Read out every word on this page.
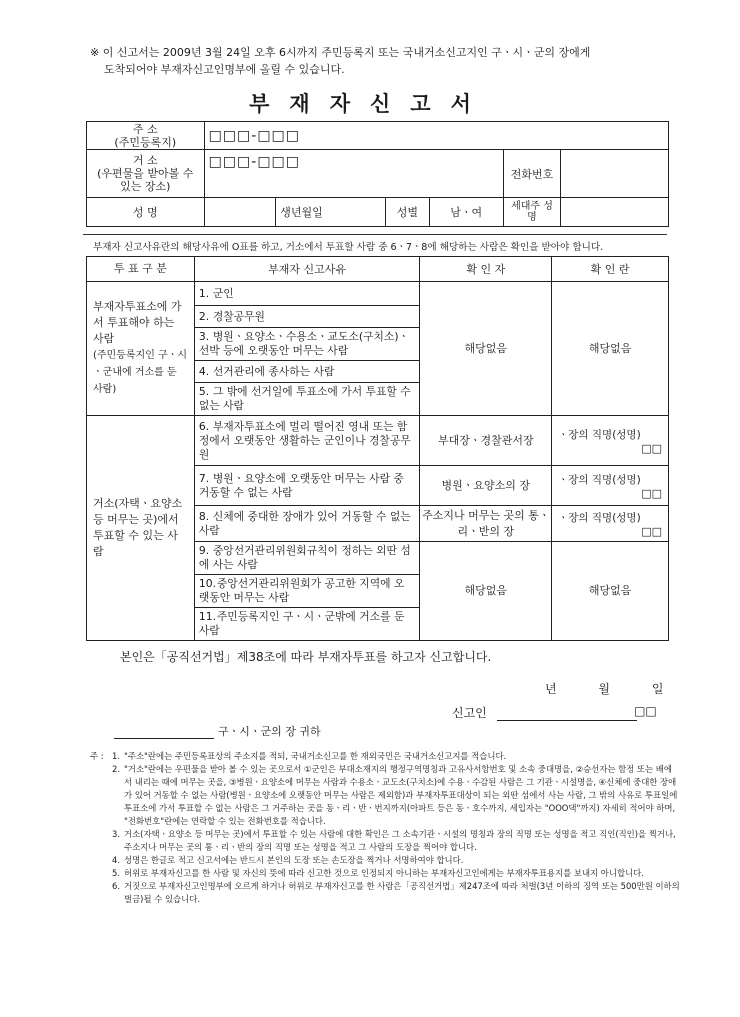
※ 이 신고서는 2009년 3월 24일 오후 6시까지 주민등록지 또는 국내거소신고지인 구ㆍ시ㆍ군의 장에게
도착되어야 부재자신고인명부에 올릴 수 있습니다.
부재자신고서
주 소
(주민등록지)	□□□-□□□				

거 소
(우편물을 받아볼 수 있는 장소)	□□□-□□□			전화번호	
성 명		생년월일	성별 남ㆍ여	세대주 성명	
부재자 신고사유란의 해당사유에 O표를 하고, 거소에서 투표할 사람 중 6ㆍ7ㆍ8에 해당하는 사람은 확인을 받아야 합니다.
투 표 구 분	부재자 신고사유	확 인 자	확 인 란

부재자투표소에 가서 투표해야 하는 사람
(주민등록지인 구ㆍ시ㆍ군내에 거소를 둔 사람)	1. 군인	해당없음	해당없음
	2. 경찰공무원		
	3. 병원ㆍ요양소ㆍ수용소ㆍ교도소(구치소)ㆍ선박 등에 오랫동안 머무는 사람		
	4. 선거관리에 종사하는 사람		
	5. 그 밖에 선거일에 투표소에 가서 투표할 수 없는 사람		
거소(자택ㆍ요양소 등 머무는 곳)에서 투표할 수 있는 사람	6. 부재자투표소에 멀리 떨어진 영내 또는 함정에서 오랫동안 생활하는 군인이나 경찰공무원	부대장ㆍ경찰관서장	ㆍ장의 직명(성명)
□□

	7. 병원ㆍ요양소에 오랫동안 머무는 사람 중 거동할 수 없는 사람	병원ㆍ요양소의 장	ㆍ장의 직명(성명)
□□

	8. 신체에 중대한 장애가 있어 거동할 수 없는 사람	주소지나 머무는 곳의 통ㆍ리ㆍ반의 장	ㆍ장의 직명(성명)
□□

	9. 중앙선거관리위원회규칙이 정하는 외딴 섬에 사는 사람	해당없음	해당없음
	10.중앙선거관리위원회가 공고한 지역에 오랫동안 머무는 사람		
	11.주민등록지인 구ㆍ시ㆍ군밖에 거소를 둔 사람		
본인은「공직선거법」제38조에 따라 부재자투표를 하고자 신고합니다.
년 월 일
신고인	□□
구ㆍ시ㆍ군의 장 귀하
주 : 1. "주소"란에는 주민등록표상의 주소지를 적되, 국내거소신고를 한 재외국민은 국내거소신고지를 적습니다.
2. "거소"란에는 우편물을 받아 볼 수 있는 곳으로서 ①군인은 부대소재지의 행정구역명칭과 고유사서함번호 및 소속 중대명을, ②승선자는 함정 또는 배에서 내리는 때에 머무는 곳을, ③병원ㆍ요양소에 머무는 사람과 수용소ㆍ교도소(구치소)에 수용ㆍ수감된 사람은 그 기관ㆍ시설명을, ④신체에 중대한 장애가 있어 거동할 수 없는 사람(병원ㆍ요양소에 오랫동안 머무는 사람은 제외함)과 부재자투표대상이 되는 외딴 섬에서 사는 사람, 그 밖의 사유로 투표일에 투표소에 가서 투표할 수 없는 사람은 그 거주하는 곳을 동ㆍ리ㆍ반ㆍ번지까지(아파트 등은 동ㆍ호수까지, 세입자는 "OOO댁"까지) 자세히 적어야 하며, "전화번호"란에는 연락할 수 있는 전화번호를 적습니다.
3. 거소(자택ㆍ요양소 등 머무는 곳)에서 투표할 수 있는 사람에 대한 확인은 그 소속기관ㆍ시설의 명칭과 장의 직명 또는 성명을 적고 직인(직인)을 찍거나, 주소지나 머무는 곳의 통ㆍ리ㆍ반의 장의 직명 또는 성명을 적고 그 사람의 도장을 찍어야 합니다.
4. 성명은 한글로 적고 신고서에는 반드시 본인의 도장 또는 손도장을 찍거나 서명하여야 합니다.
5. 허위로 부재자신고를 한 사람 및 자신의 뜻에 따라 신고한 것으로 인정되지 아니하는 부재자신고인에게는 부재자투표용지를 보내지 아니합니다.
6. 거짓으로 부재자신고인명부에 오르게 하거나 허위로 부재자신고를 한 사람은「공직선거법」제247조에 따라 처벌(3년 이하의 징역 또는 500만원 이하의 벌금)될 수 있습니다.
